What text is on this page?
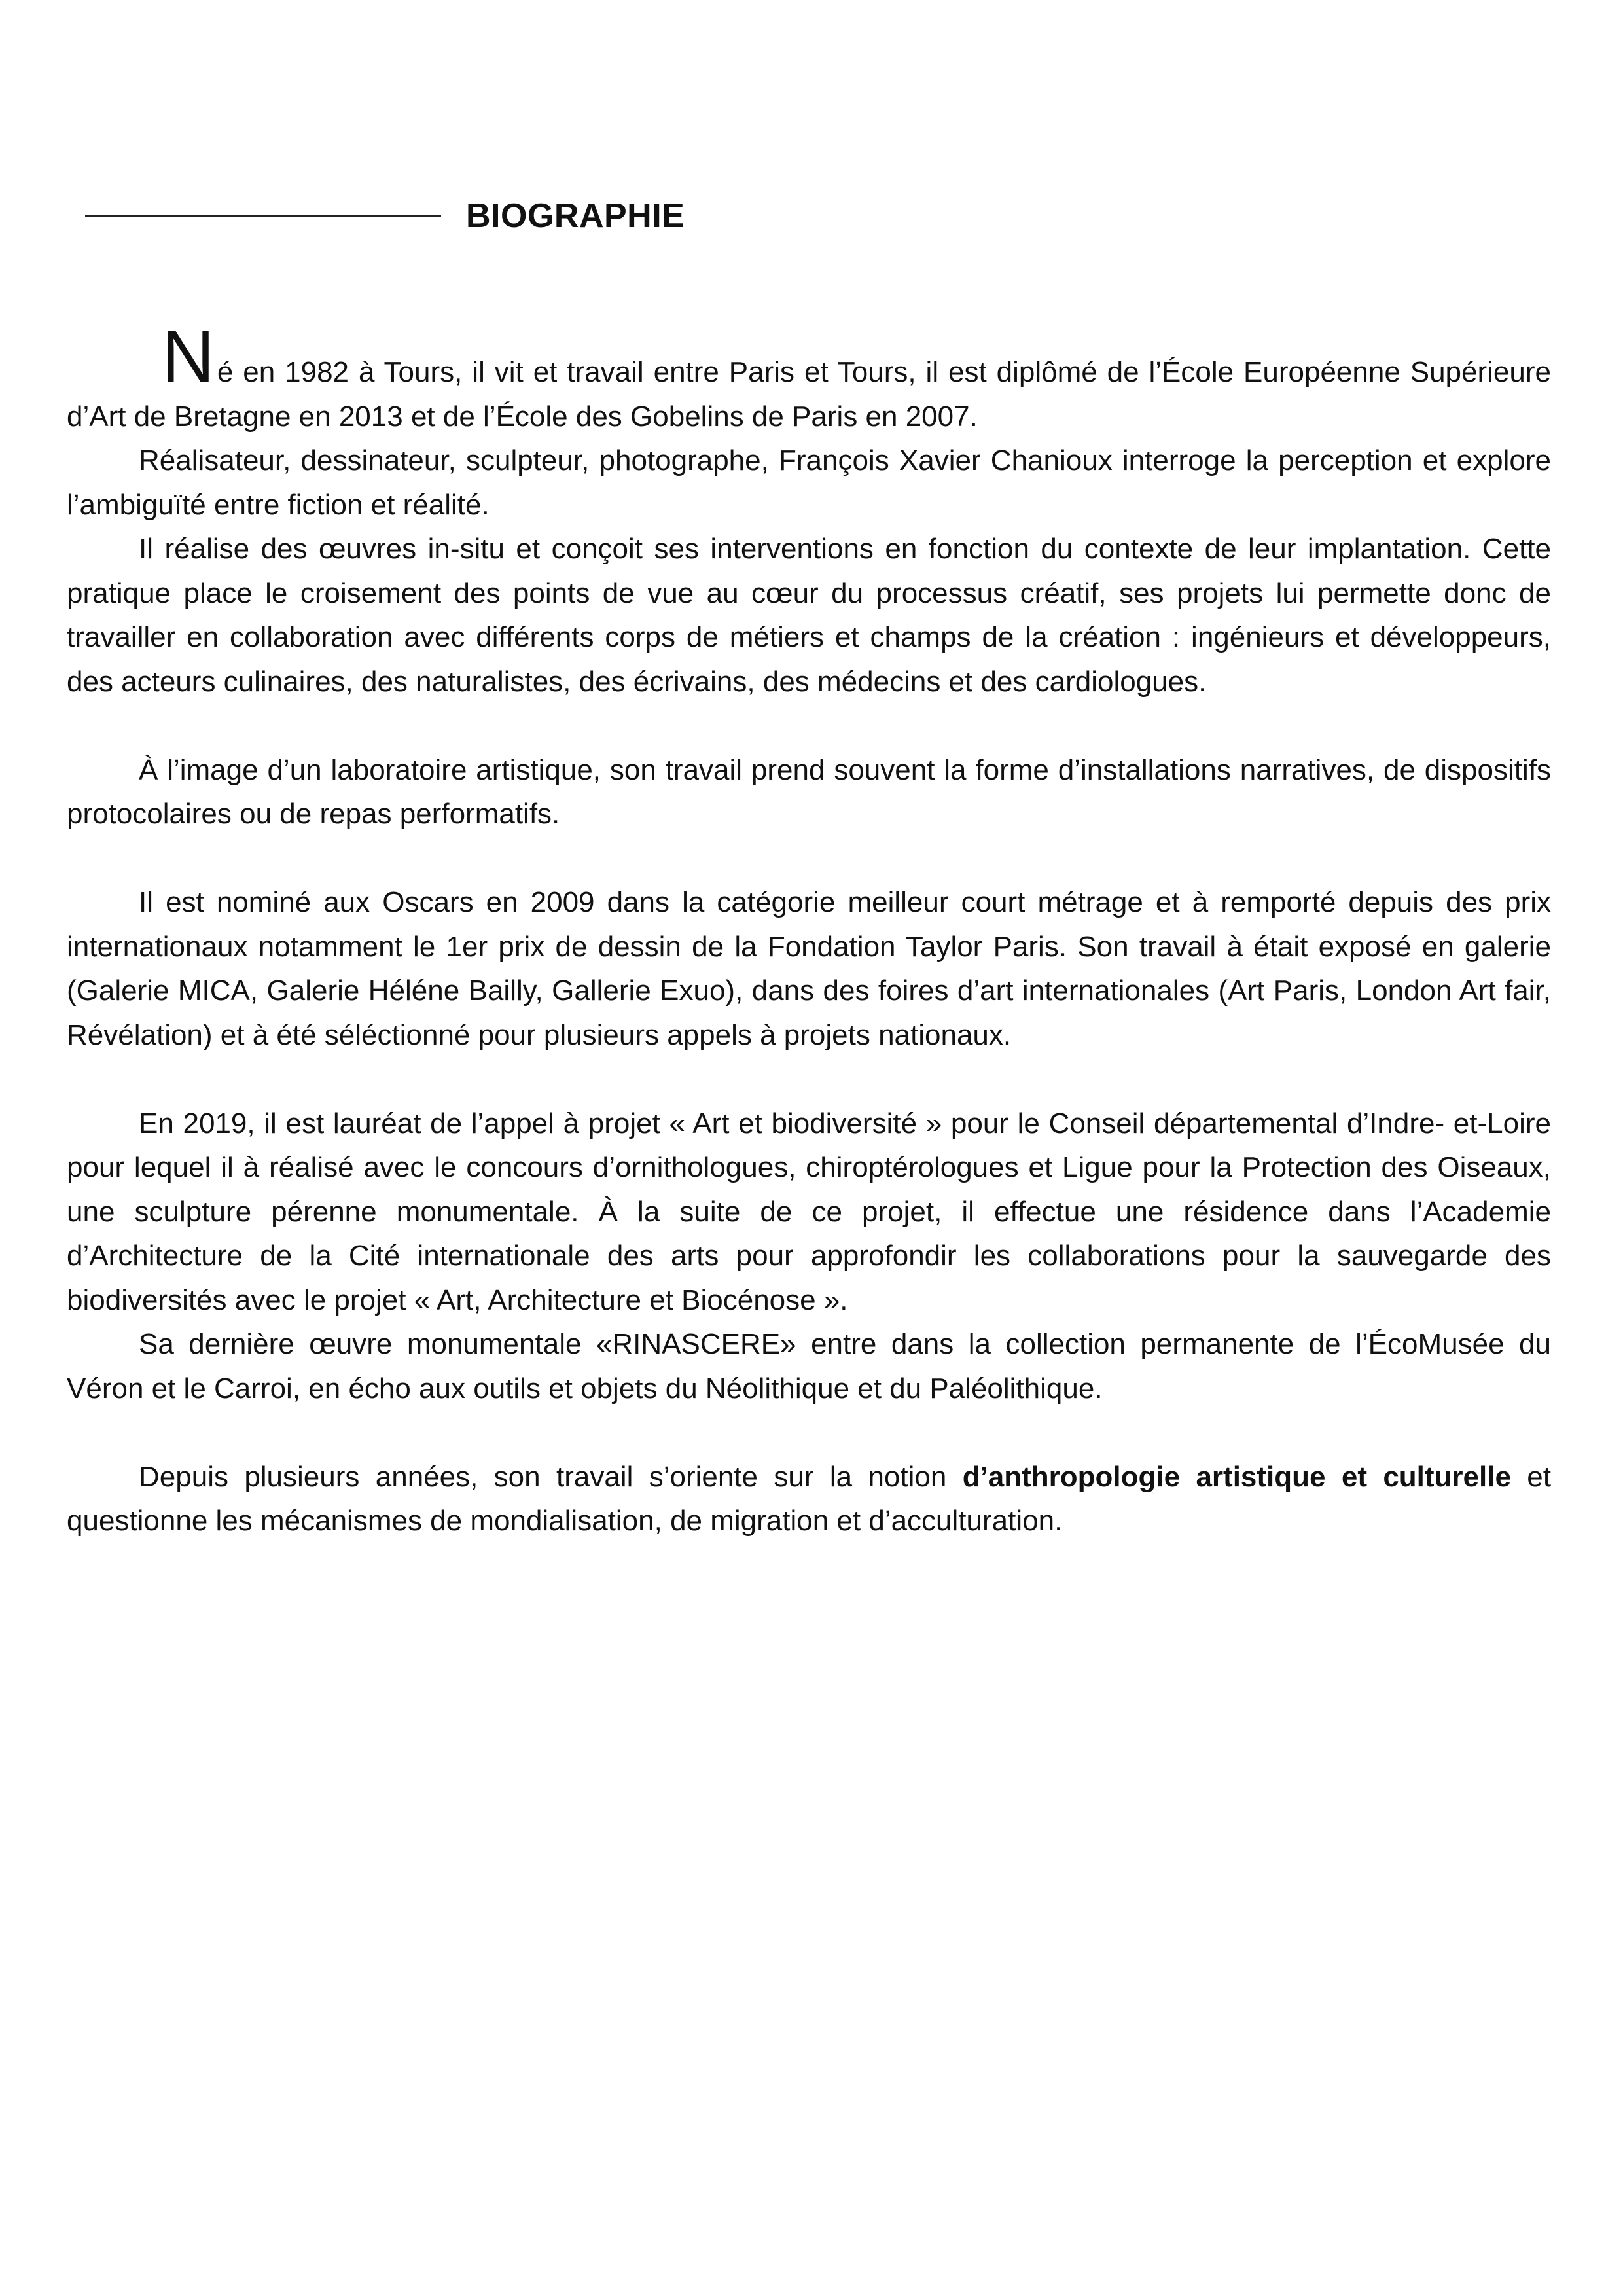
BIOGRAPHIE

Né en 1982 à Tours, il vit et travail entre Paris et Tours, il est diplômé de l’École Européenne Supérieure d’Art de Bretagne en 2013 et de l’École des Gobelins de Paris en 2007.

Réalisateur, dessinateur, sculpteur, photographe, François Xavier Chanioux interroge la perception et explore l’ambiguïté entre fiction et réalité.

Il réalise des œuvres in-situ et conçoit ses interventions en fonction du contexte de leur implantation. Cette pratique place le croisement des points de vue au cœur du processus créatif, ses projets lui permette donc de travailler en collaboration avec différents corps de métiers et champs de la création : ingénieurs et développeurs, des acteurs culinaires, des naturalistes, des écrivains, des médecins et des cardiologues.

À l’image d’un laboratoire artistique, son travail prend souvent la forme d’installations narratives, de dispositifs protocolaires ou de repas performatifs.

Il est nominé aux Oscars en 2009 dans la catégorie meilleur court métrage et à remporté depuis des prix internationaux notamment le 1er prix de dessin de la Fondation Taylor Paris. Son travail à était exposé en galerie (Galerie MICA, Galerie Héléne Bailly, Gallerie Exuo), dans des foires d’art internationales (Art Paris, London Art fair, Révélation) et à été séléctionné pour plusieurs appels à projets nationaux.

En 2019, il est lauréat de l’appel à projet « Art et biodiversité » pour le Conseil départemental d’Indre- et-Loire pour lequel il à réalisé avec le concours d’ornithologues, chiroptérologues et Ligue pour la Protection des Oiseaux, une sculpture pérenne monumentale. À la suite de ce projet, il effectue une résidence dans l’Academie d’Architecture de la Cité internationale des arts pour approfondir les collaborations pour la sauvegarde des biodiversités avec le projet « Art, Architecture et Biocénose ».

Sa dernière œuvre monumentale «RINASCERE» entre dans la collection permanente de l’ÉcoMusée du Véron et le Carroi, en écho aux outils et objets du Néolithique et du Paléolithique.

Depuis plusieurs années, son travail s’oriente sur la notion d’anthropologie artistique et culturelle et questionne les mécanismes de mondialisation, de migration et d’acculturation.
